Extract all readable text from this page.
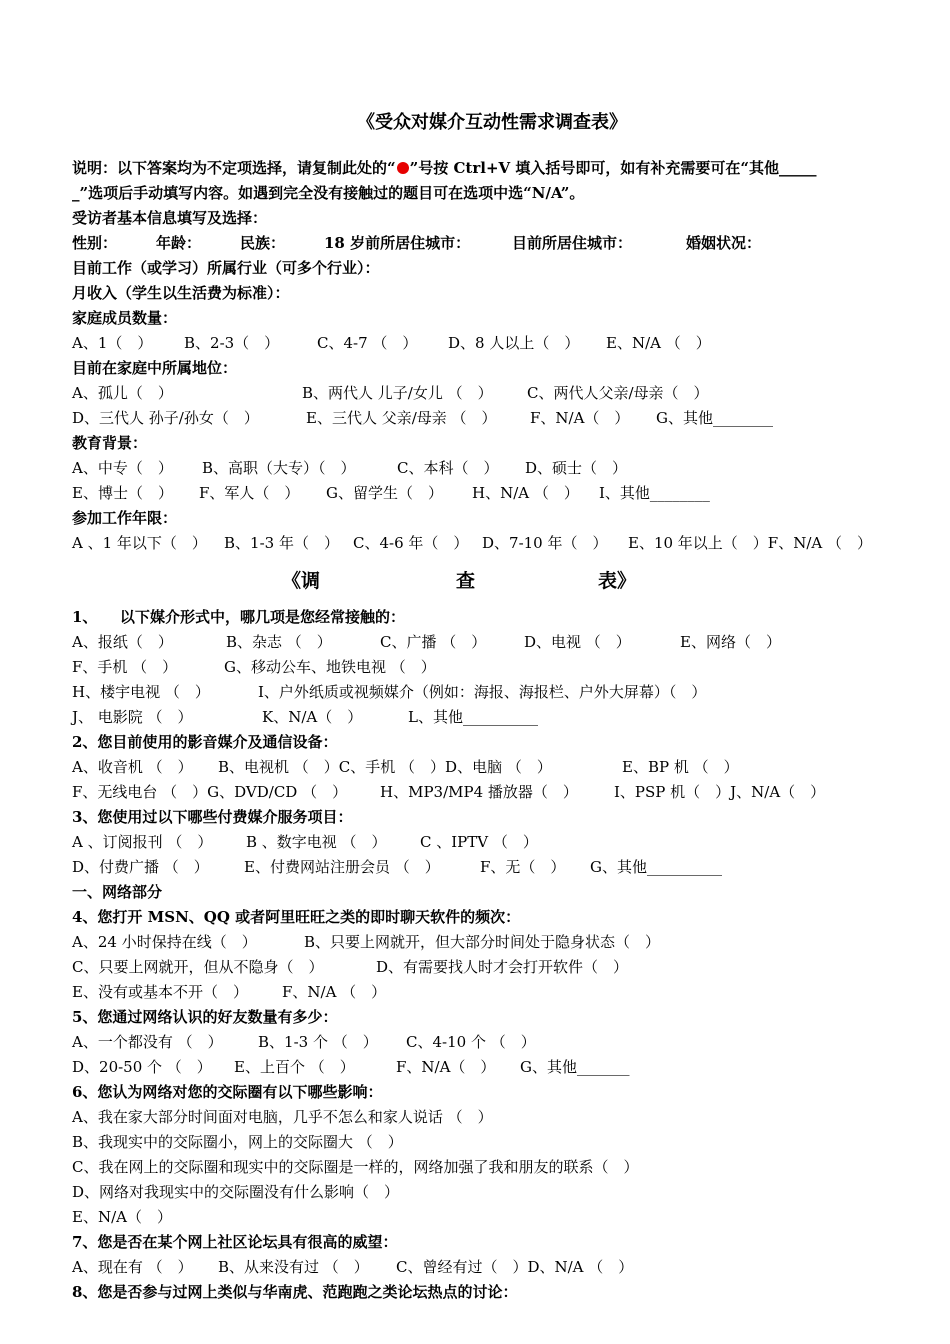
《受众对媒介互动性需求调查表》
说明：以下答案均为不定项选择，请复制此处的“ ”号按 Ctrl+V 填入括号即可，如有补充需要可在“其他_____
_”选项后手动填写内容。如遇到完全没有接触过的题目可在选项中选“N/A”。
受访者基本信息填写及选择：
性别：	年龄：	民族：	18 岁前所居住城市：	目前所居住城市：	婚姻状况：
目前工作（或学习）所属行业（可多个行业）：
月收入（学生以生活费为标准）：
家庭成员数量：
A、1（　） B、2-3（　）	C、4-7 （　） D、8 人以上（　） E、N/A （　）
目前在家庭中所属地位：
A、孤儿（　）	B、两代人 儿子/女儿 （　） C、两代人父亲/母亲（　）
D、三代人 孙子/孙女（　）	E、三代人 父亲/母亲 （　） F、N/A（　） G、其他________
教育背景：
A、中专（　） B、高职（大专）（　）	C、本科（　） D、硕士（　）
E、博士（　） F、军人（　） G、留学生（　） H、N/A （　） I、其他________
参加工作年限：
A 、1 年以下（　） B、1-3 年（　） C、4-6 年（　） D、7-10 年（　） E、10 年以上（　）F、N/A （　）
《调	查	表》
1、　　以下媒介形式中，哪几项是您经常接触的：
A、报纸（　）	B、杂志 （　）	C、广播 （　）	D、电视 （　）	E、网络（　）
F、手机 （　）	G、移动公车、地铁电视 （　）
H、楼宇电视 （　）	I、户外纸质或视频媒介（例如：海报、海报栏、户外大屏幕）（　）
J、 电影院 （　）	K、N/A（　）	L、其他__________
2、您目前使用的影音媒介及通信设备：
A、收音机 （　） B、电视机 （　）C、手机 （　）D、电脑 （　）	E、BP 机 （　）
F、无线电台 （　）G、DVD/CD （　） H、MP3/MP4 播放器（　） I、PSP 机（　）J、N/A（　）
3、您使用过以下哪些付费媒介服务项目：
A 、订阅报刊 （　） B 、数字电视 （　） C 、IPTV （　）
D、付费广播 （　） E、付费网站注册会员 （　）	F、无（　） G、其他__________
一、网络部分
4、您打开 MSN、QQ 或者阿里旺旺之类的即时聊天软件的频次：
A、24 小时保持在线（　）	B、只要上网就开，但大部分时间处于隐身状态（　）
C、只要上网就开，但从不隐身（　）	D、有需要找人时才会打开软件（　）
E、没有或基本不开（　） F、N/A （　）
5、您通过网络认识的好友数量有多少：
A、一个都没有 （　） B、1-3 个 （　） C、4-10 个 （　）
D、20-50 个 （　） E、上百个 （　）	F、N/A（　） G、其他_______
6、您认为网络对您的交际圈有以下哪些影响：
A、我在家大部分时间面对电脑，几乎不怎么和家人说话 （　）
B、我现实中的交际圈小，网上的交际圈大 （　）
C、我在网上的交际圈和现实中的交际圈是一样的，网络加强了我和朋友的联系（　）
D、网络对我现实中的交际圈没有什么影响（　）
E、N/A（　）
7、您是否在某个网上社区论坛具有很高的威望：
A、现在有 （　） B、从来没有过 （　） C、曾经有过（　）D、N/A （　）
8、您是否参与过网上类似与华南虎、范跑跑之类论坛热点的讨论：
